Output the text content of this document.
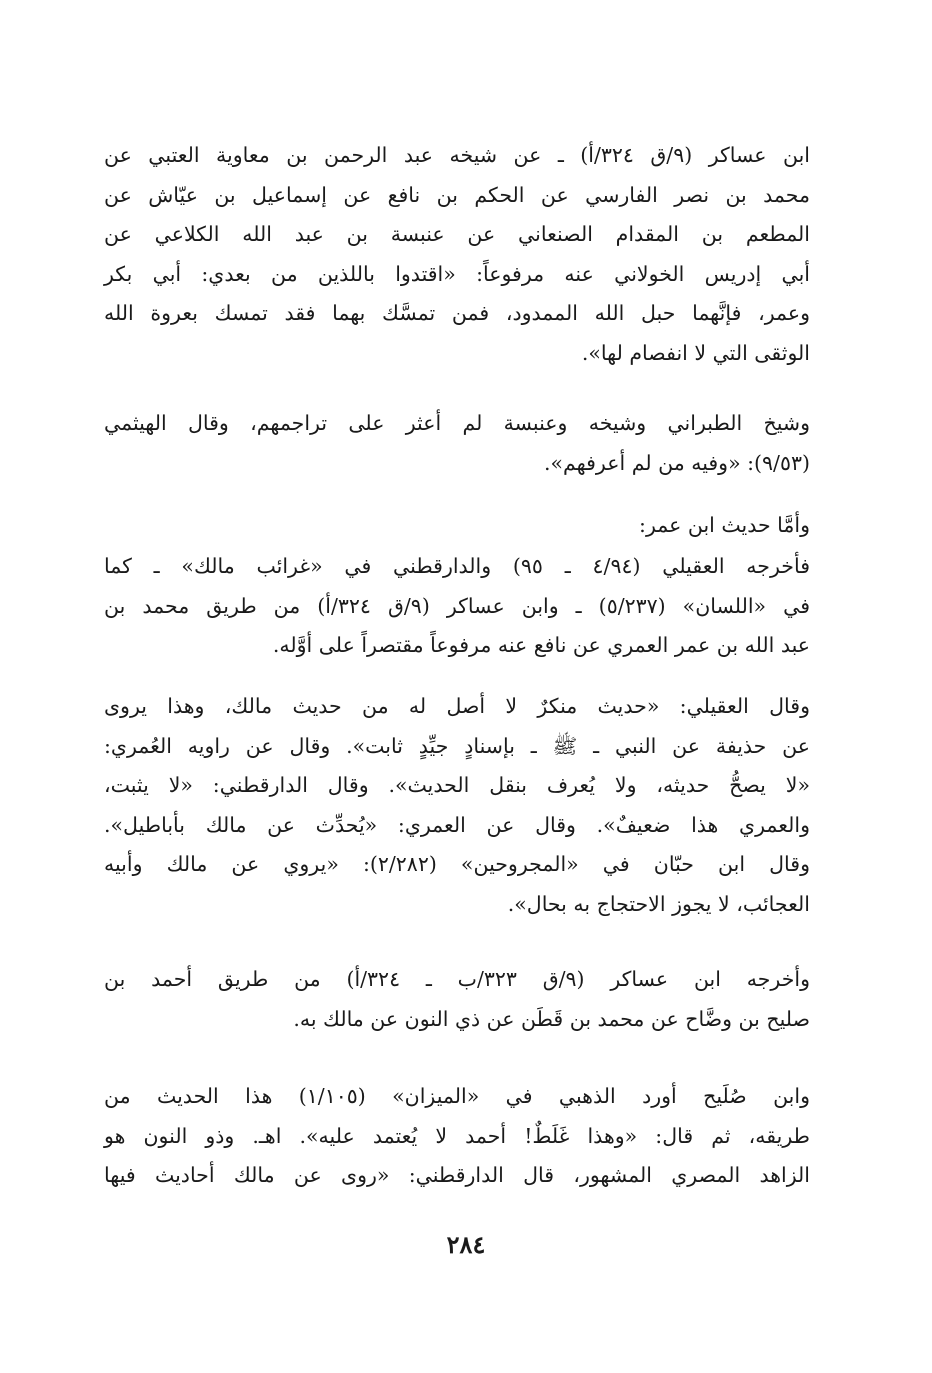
ابن عساكر (٩/ق ٣٢٤/أ) ـ عن شيخه عبد الرحمن بن معاوية العتبي عن
محمد بن نصر الفارسي عن الحكم بن نافع عن إسماعيل بن عيّاش عن
المطعم بن المقدام الصنعاني عن عنبسة بن عبد الله الكلاعي عن
أبي إدريس الخولاني عنه مرفوعاً: «اقتدوا باللذين من بعدي: أبي بكر
وعمر، فإنَّهما حبل الله الممدود، فمن تمسَّك بهما فقد تمسك بعروة الله
الوثقى التي لا انفصام لها».
وشيخ الطبراني وشيخه وعنبسة لم أعثر على تراجمهم، وقال الهيثمي
(٩/٥٣): «وفيه من لم أعرفهم».
وأمَّا حديث ابن عمر:
فأخرجه العقيلي (٤/٩٤ ـ ٩٥) والدارقطني في «غرائب مالك» ـ كما
في «اللسان» (٥/٢٣٧) ـ وابن عساكر (٩/ق ٣٢٤/أ) من طريق محمد بن
عبد الله بن عمر العمري عن نافع عنه مرفوعاً مقتصراً على أوَّله.
وقال العقيلي: «حديث منكرٌ لا أصل له من حديث مالك، وهذا يروى
عن حذيفة عن النبي ـ ﷺ ـ بإسنادٍ جيِّدٍ ثابت». وقال عن راويه العُمري:
«لا يصحُّ حديثه، ولا يُعرف بنقل الحديث». وقال الدارقطني: «لا يثبت،
والعمري هذا ضعيفٌ». وقال عن العمري: «يُحدِّث عن مالك بأباطيل».
وقال ابن حبّان في «المجروحين» (٢/٢٨٢): «يروي عن مالك وأبيه
العجائب، لا يجوز الاحتجاج به بحال».
وأخرجه ابن عساكر (٩/ق ٣٢٣/ب ـ ٣٢٤/أ) من طريق أحمد بن
صليح بن وضَّاح عن محمد بن قَطَن عن ذي النون عن مالك به.
وابن صُلَيح أورد الذهبي في «الميزان» (١/١٠٥) هذا الحديث من
طريقه، ثم قال: «وهذا غَلَطٌ! أحمد لا يُعتمد عليه». اهـ. وذو النون هو
الزاهد المصري المشهور، قال الدارقطني: «روى عن مالك أحاديث فيها
٢٨٤
